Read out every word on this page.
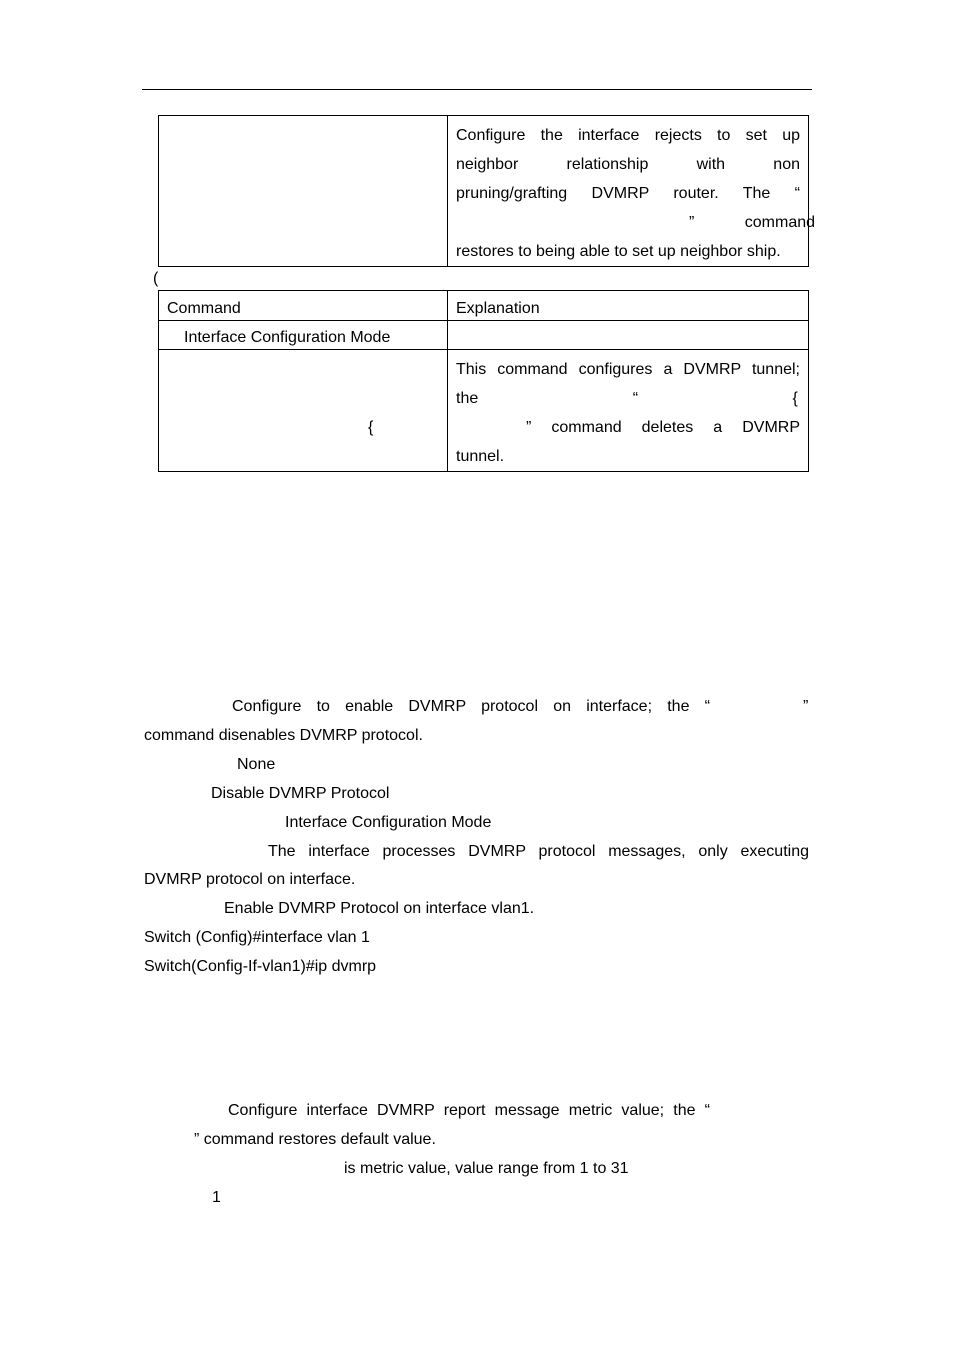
Configure the interface rejects to set up
neighbor relationship with non
pruning/grafting DVMRP router. The “
” command
restores to being able to set up neighbor ship.
(
Command	Explanation
Interface Configuration Mode	

{	This command configures a DVMRP tunnel;
the “ {
” command deletes a DVMRP
tunnel.
Configure to enable DVMRP protocol on interface; the “	”
command disenables DVMRP protocol.
None
Disable DVMRP Protocol
Interface Configuration Mode
The interface processes DVMRP protocol messages, only executing
DVMRP protocol on interface.
Enable DVMRP Protocol on interface vlan1.
Switch (Config)#interface vlan 1
Switch(Config-If-vlan1)#ip dvmrp
Configure interface DVMRP report message metric value; the “
” command restores default value.
is metric value, value range from 1 to 31
1
